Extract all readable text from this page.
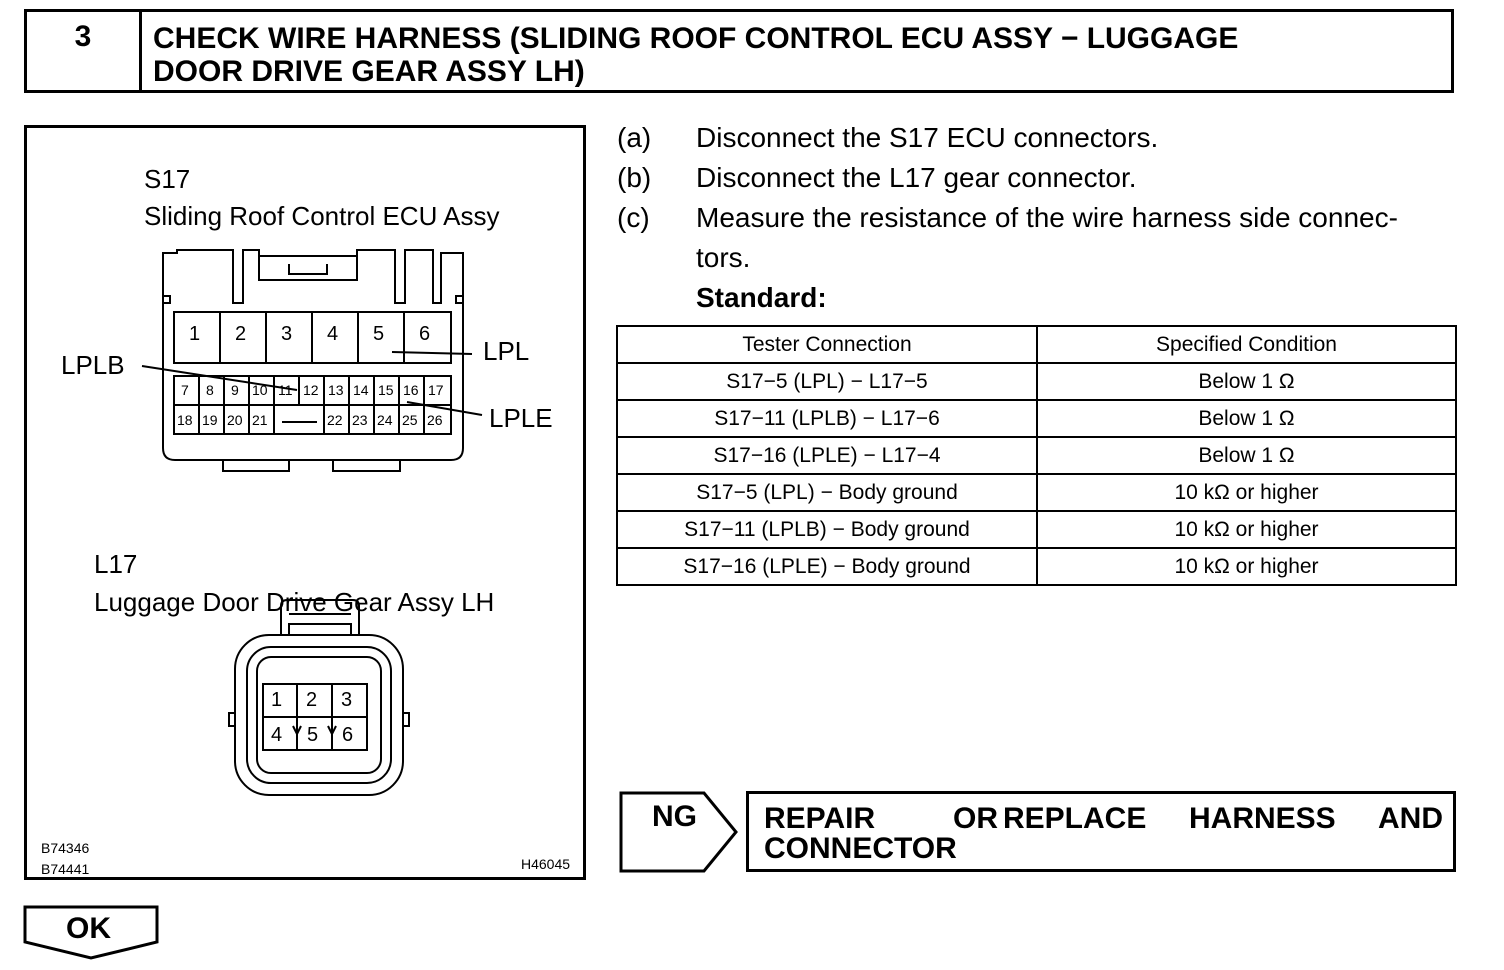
3	CHECK WIRE HARNESS (SLIDING ROOF CONTROL ECU ASSY − LUGGAGE
DOOR DRIVE GEAR ASSY LH)
S17
Sliding Roof Control ECU Assy
1 2 3 4 5 6
7 8 9 10 11 12 13 14 15 16 17
18 19 20 21	22 23 24 25 26
LPLB	LPL
LPLE
L17
Luggage Door Drive Gear Assy LH
1 2 3
4 5 6
B74346
B74441	H46045
(a) Disconnect the S17 ECU connectors.
(b) Disconnect the L17 gear connector.
(c) Measure the resistance of the wire harness side connec-
tors.
Standard:
Tester Connection	Specified Condition
S17−5 (LPL) − L17−5	Below 1 Ω
S17−11 (LPLB) − L17−6	Below 1 Ω
S17−16 (LPLE) − L17−4	Below 1 Ω
S17−5 (LPL) − Body ground	10 kΩ or higher
S17−11 (LPLB) − Body ground	10 kΩ or higher
S17−16 (LPLE) − Body ground	10 kΩ or higher
NG REPAIR	OR REPLACE HARNESS AND
CONNECTOR
OK
